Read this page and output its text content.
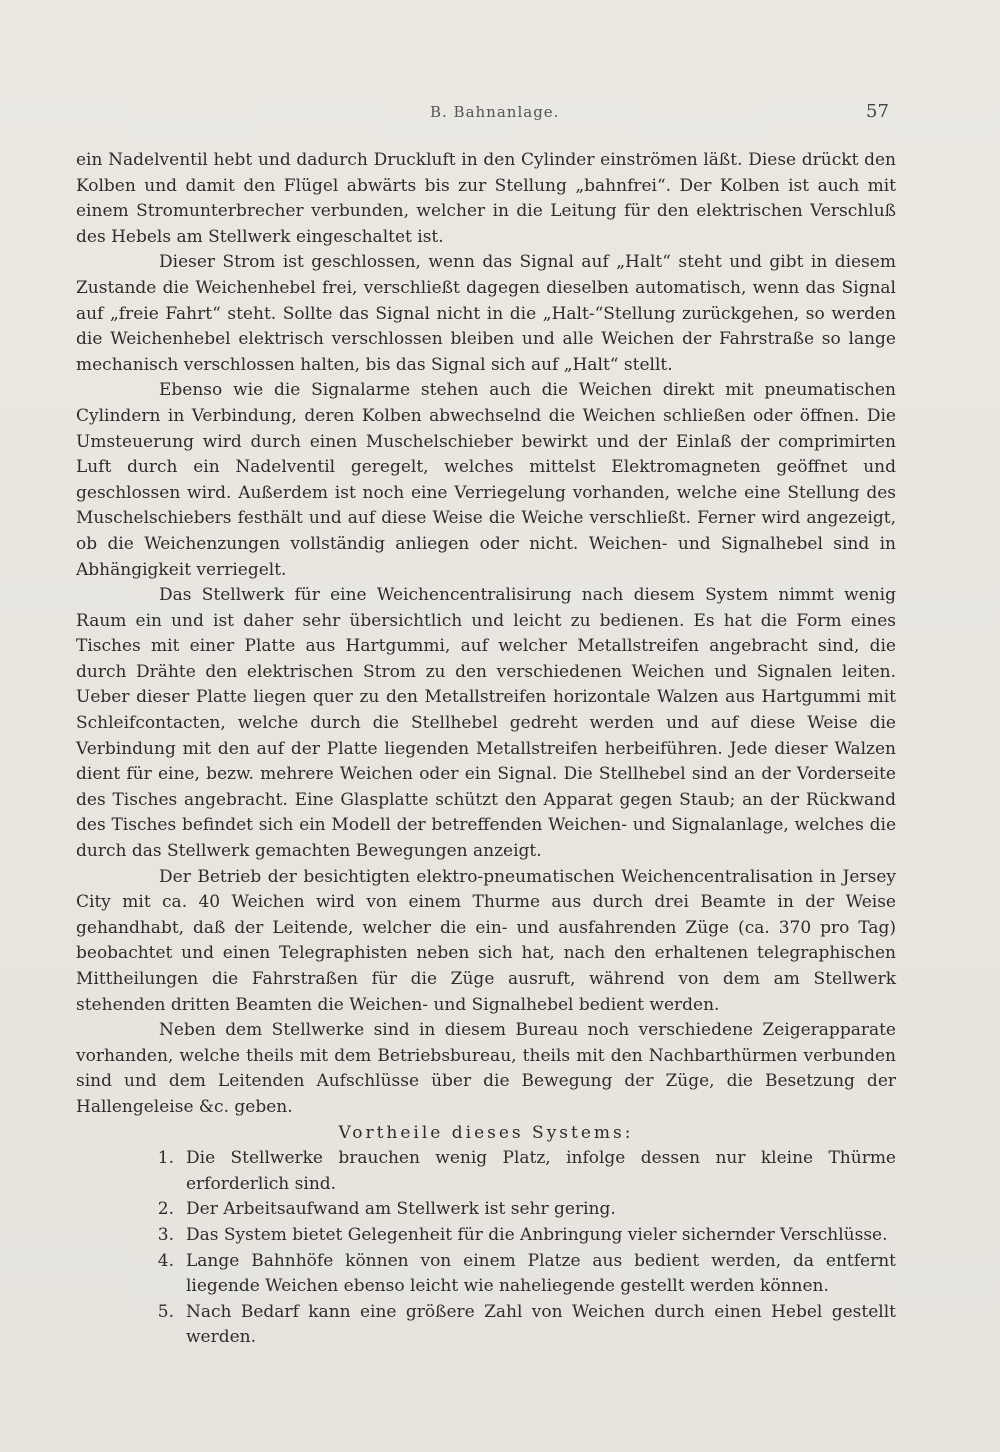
B. Bahnanlage.	57

ein Nadelventil hebt und dadurch Druckluft in den Cylinder einströmen läßt. Diese drückt den Kolben und damit den Flügel abwärts bis zur Stellung „bahnfrei“. Der Kolben ist auch mit einem Stromunterbrecher verbunden, welcher in die Leitung für den elektrischen Verschluß des Hebels am Stellwerk eingeschaltet ist.

Dieser Strom ist geschlossen, wenn das Signal auf „Halt“ steht und gibt in diesem Zustande die Weichenhebel frei, verschließt dagegen dieselben automatisch, wenn das Signal auf „freie Fahrt“ steht. Sollte das Signal nicht in die „Halt-“Stellung zurückgehen, so werden die Weichenhebel elektrisch verschlossen bleiben und alle Weichen der Fahrstraße so lange mechanisch verschlossen halten, bis das Signal sich auf „Halt“ stellt.

Ebenso wie die Signalarme stehen auch die Weichen direkt mit pneumatischen Cylindern in Verbindung, deren Kolben abwechselnd die Weichen schließen oder öffnen. Die Umsteuerung wird durch einen Muschelschieber bewirkt und der Einlaß der comprimirten Luft durch ein Nadelventil geregelt, welches mittelst Elektromagneten geöffnet und geschlossen wird. Außerdem ist noch eine Verriegelung vorhanden, welche eine Stellung des Muschelschiebers festhält und auf diese Weise die Weiche verschließt. Ferner wird angezeigt, ob die Weichenzungen vollständig anliegen oder nicht. Weichen- und Signalhebel sind in Abhängigkeit verriegelt.

Das Stellwerk für eine Weichencentralisirung nach diesem System nimmt wenig Raum ein und ist daher sehr übersichtlich und leicht zu bedienen. Es hat die Form eines Tisches mit einer Platte aus Hartgummi, auf welcher Metallstreifen angebracht sind, die durch Drähte den elektrischen Strom zu den verschiedenen Weichen und Signalen leiten. Ueber dieser Platte liegen quer zu den Metallstreifen horizontale Walzen aus Hartgummi mit Schleifcontacten, welche durch die Stellhebel gedreht werden und auf diese Weise die Verbindung mit den auf der Platte liegenden Metallstreifen herbeiführen. Jede dieser Walzen dient für eine, bezw. mehrere Weichen oder ein Signal. Die Stellhebel sind an der Vorderseite des Tisches angebracht. Eine Glasplatte schützt den Apparat gegen Staub; an der Rückwand des Tisches befindet sich ein Modell der betreffenden Weichen- und Signalanlage, welches die durch das Stellwerk gemachten Bewegungen anzeigt.

Der Betrieb der besichtigten elektro-pneumatischen Weichencentralisation in Jersey City mit ca. 40 Weichen wird von einem Thurme aus durch drei Beamte in der Weise gehandhabt, daß der Leitende, welcher die ein- und ausfahrenden Züge (ca. 370 pro Tag) beobachtet und einen Telegraphisten neben sich hat, nach den erhaltenen telegraphischen Mittheilungen die Fahrstraßen für die Züge ausruft, während von dem am Stellwerk stehenden dritten Beamten die Weichen- und Signalhebel bedient werden.

Neben dem Stellwerke sind in diesem Bureau noch verschiedene Zeigerapparate vorhanden, welche theils mit dem Betriebsbureau, theils mit den Nachbarthürmen verbunden sind und dem Leitenden Aufschlüsse über die Bewegung der Züge, die Besetzung der Hallengeleise &c. geben.

Vortheile dieses Systems:
1. Die Stellwerke brauchen wenig Platz, infolge dessen nur kleine Thürme erforderlich sind.
2. Der Arbeitsaufwand am Stellwerk ist sehr gering.
3. Das System bietet Gelegenheit für die Anbringung vieler sichernder Verschlüsse.
4. Lange Bahnhöfe können von einem Platze aus bedient werden, da entfernt liegende Weichen ebenso leicht wie naheliegende gestellt werden können.
5. Nach Bedarf kann eine größere Zahl von Weichen durch einen Hebel gestellt werden.
